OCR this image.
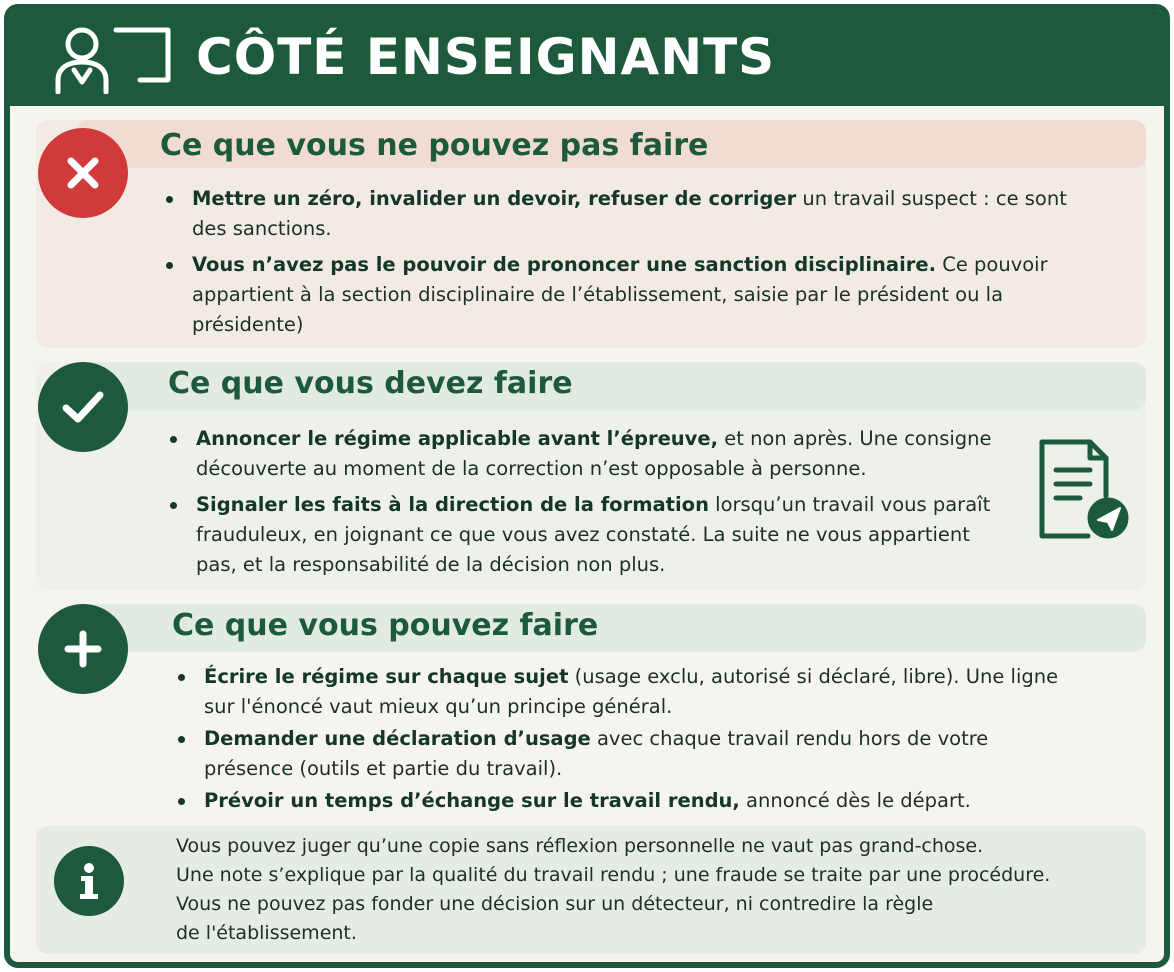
CÔTÉ ENSEIGNANTS
Ce que vous ne pouvez pas faire
Mettre un zéro, invalider un devoir, refuser de corriger un travail suspect : ce sont des sanctions.
Vous n’avez pas le pouvoir de prononcer une sanction disciplinaire. Ce pouvoir appartient à la section disciplinaire de l’établissement, saisie par le président ou la présidente)
Ce que vous devez faire
Annoncer le régime applicable avant l’épreuve, et non après. Une consigne découverte au moment de la correction n’est opposable à personne.
Signaler les faits à la direction de la formation lorsqu’un travail vous paraît frauduleux, en joignant ce que vous avez constaté. La suite ne vous appartient pas, et la responsabilité de la décision non plus.
Ce que vous pouvez faire
Écrire le régime sur chaque sujet (usage exclu, autorisé si déclaré, libre). Une ligne sur l'énoncé vaut mieux qu’un principe général.
Demander une déclaration d’usage avec chaque travail rendu hors de votre présence (outils et partie du travail).
Prévoir un temps d’échange sur le travail rendu, annoncé dès le départ.
Vous pouvez juger qu’une copie sans réflexion personnelle ne vaut pas grand-chose.
Une note s’explique par la qualité du travail rendu ; une fraude se traite par une procédure.
Vous ne pouvez pas fonder une décision sur un détecteur, ni contredire la règle
de l'établissement.
